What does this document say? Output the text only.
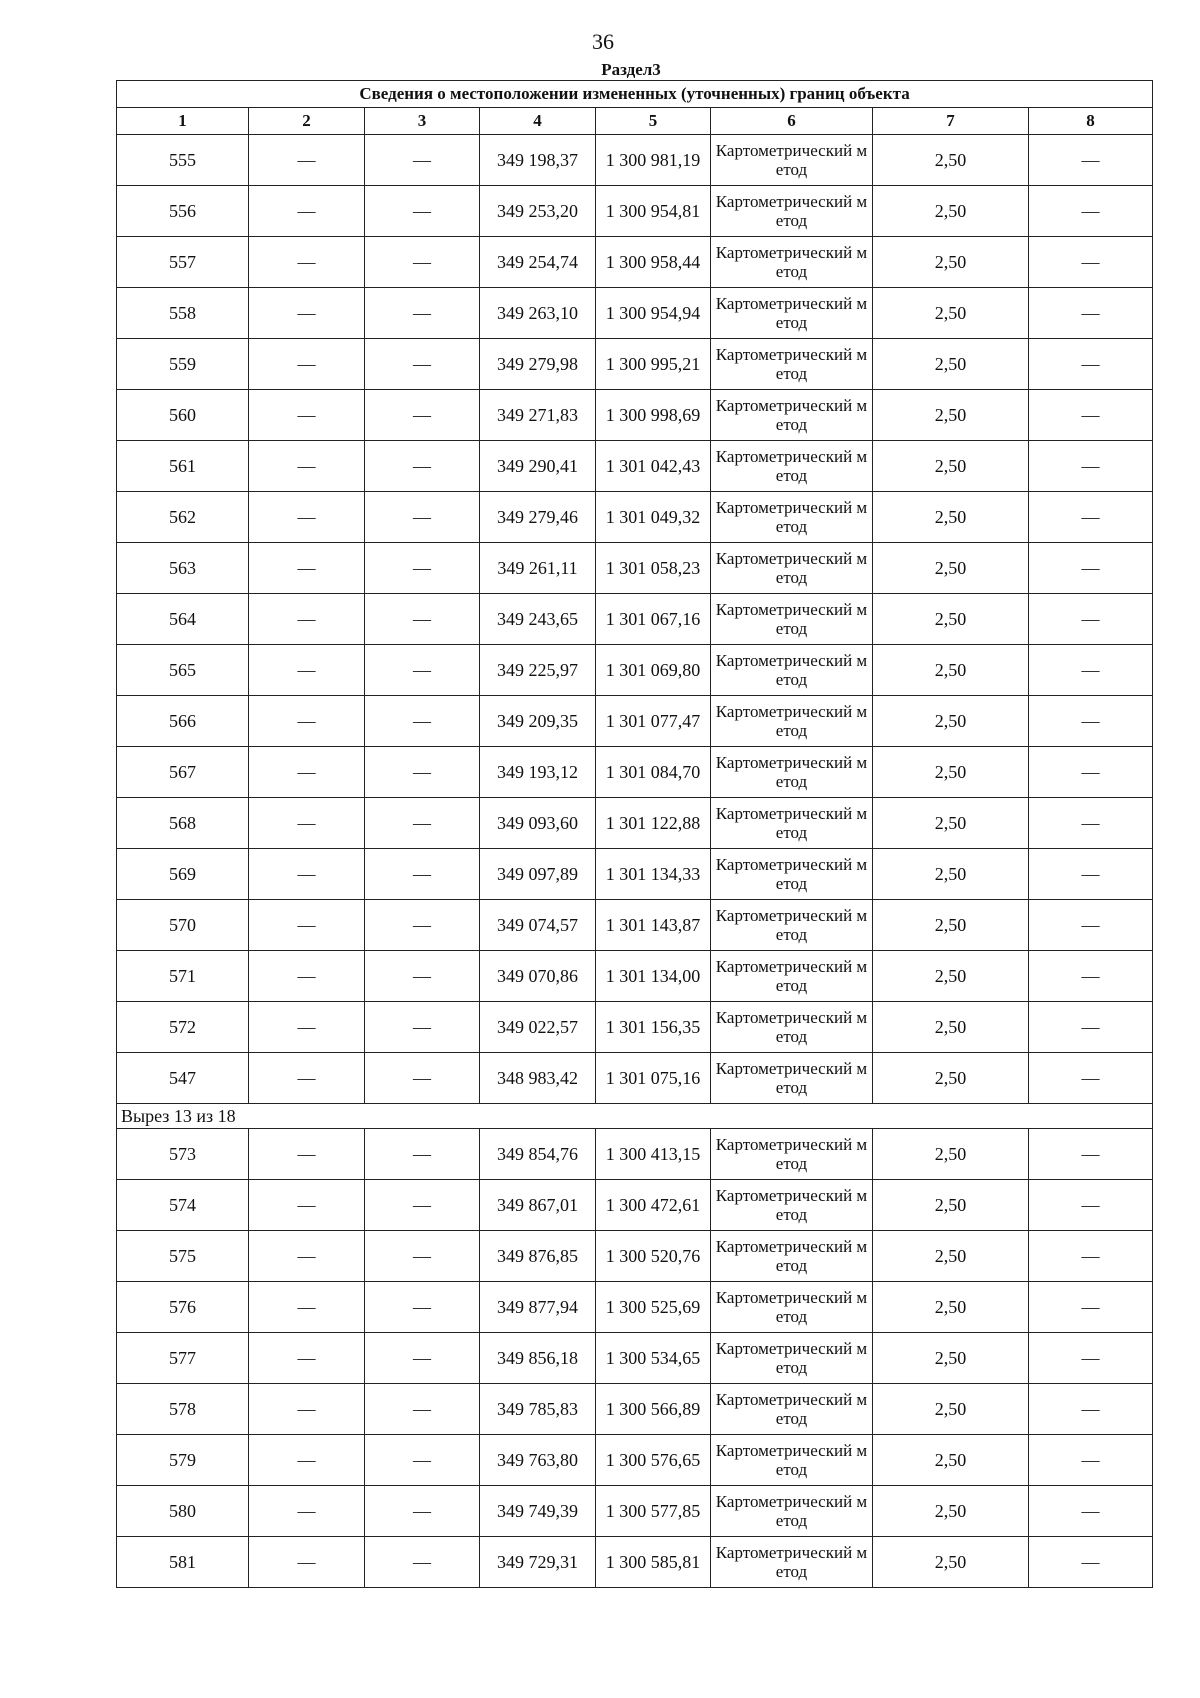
36
Раздел3
Сведения о местоположении измененных (уточненных) границ объекта							
1	2	3	4	5	6	7	8
555	—	—	349 198,37	1 300 981,19	Картометрический метод	2,50	—
556	—	—	349 253,20	1 300 954,81	Картометрический метод	2,50	—
557	—	—	349 254,74	1 300 958,44	Картометрический метод	2,50	—
558	—	—	349 263,10	1 300 954,94	Картометрический метод	2,50	—
559	—	—	349 279,98	1 300 995,21	Картометрический метод	2,50	—
560	—	—	349 271,83	1 300 998,69	Картометрический метод	2,50	—
561	—	—	349 290,41	1 301 042,43	Картометрический метод	2,50	—
562	—	—	349 279,46	1 301 049,32	Картометрический метод	2,50	—
563	—	—	349 261,11	1 301 058,23	Картометрический метод	2,50	—
564	—	—	349 243,65	1 301 067,16	Картометрический метод	2,50	—
565	—	—	349 225,97	1 301 069,80	Картометрический метод	2,50	—
566	—	—	349 209,35	1 301 077,47	Картометрический метод	2,50	—
567	—	—	349 193,12	1 301 084,70	Картометрический метод	2,50	—
568	—	—	349 093,60	1 301 122,88	Картометрический метод	2,50	—
569	—	—	349 097,89	1 301 134,33	Картометрический метод	2,50	—
570	—	—	349 074,57	1 301 143,87	Картометрический метод	2,50	—
571	—	—	349 070,86	1 301 134,00	Картометрический метод	2,50	—
572	—	—	349 022,57	1 301 156,35	Картометрический метод	2,50	—
547	—	—	348 983,42	1 301 075,16	Картометрический метод	2,50	—
Вырез 13 из 18							
573	—	—	349 854,76	1 300 413,15	Картометрический метод	2,50	—
574	—	—	349 867,01	1 300 472,61	Картометрический метод	2,50	—
575	—	—	349 876,85	1 300 520,76	Картометрический метод	2,50	—
576	—	—	349 877,94	1 300 525,69	Картометрический метод	2,50	—
577	—	—	349 856,18	1 300 534,65	Картометрический метод	2,50	—
578	—	—	349 785,83	1 300 566,89	Картометрический метод	2,50	—
579	—	—	349 763,80	1 300 576,65	Картометрический метод	2,50	—
580	—	—	349 749,39	1 300 577,85	Картометрический метод	2,50	—
581	—	—	349 729,31	1 300 585,81	Картометрический метод	2,50	—
